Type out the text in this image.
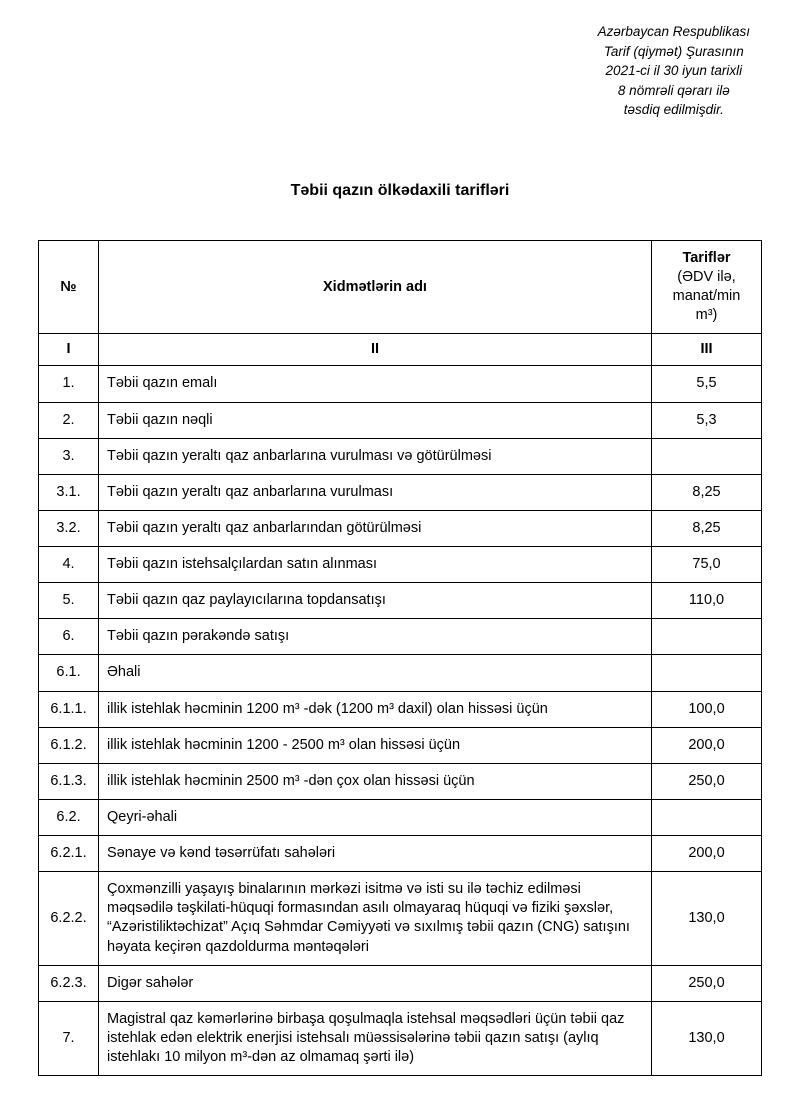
Azərbaycan Respublikası
Tarif (qiymət) Şurasının
2021-ci il 30 iyun tarixli
8 nömrəli qərarı ilə
təsdiq edilmişdir.
Təbii qazın ölkədaxili tarifləri
№	Xidmətlərin adı	Tariflər
(ƏDV ilə,
manat/min m³)

I	II	III
1.	Təbii qazın emalı	5,5
2.	Təbii qazın nəqli	5,3
3.	Təbii qazın yeraltı qaz anbarlarına vurulması və götürülməsi	
3.1.	Təbii qazın yeraltı qaz anbarlarına vurulması	8,25
3.2.	Təbii qazın yeraltı qaz anbarlarından götürülməsi	8,25
4.	Təbii qazın istehsalçılardan satın alınması	75,0
5.	Təbii qazın qaz paylayıcılarına topdansatışı	110,0
6.	Təbii qazın pərakəndə satışı	
6.1.	Əhali	
6.1.1.	illik istehlak həcminin 1200 m³ -dək (1200 m³ daxil) olan hissəsi üçün	100,0
6.1.2.	illik istehlak həcminin 1200 - 2500 m³ olan hissəsi üçün	200,0
6.1.3.	illik istehlak həcminin 2500 m³ -dən çox olan hissəsi üçün	250,0
6.2.	Qeyri-əhali	
6.2.1.	Sənaye və kənd təsərrüfatı sahələri	200,0
6.2.2.	Çoxmənzilli yaşayış binalarının mərkəzi isitmə və isti su ilə təchiz edilməsi məqsədilə təşkilati-hüquqi formasından asılı olmayaraq hüquqi və fiziki şəxslər, “Azəristiliktəchizat” Açıq Səhmdar Cəmiyyəti və sıxılmış təbii qazın (CNG) satışını həyata keçirən qazdoldurma məntəqələri	130,0
6.2.3.	Digər sahələr	250,0
7.	Magistral qaz kəmərlərinə birbaşa qoşulmaqla istehsal məqsədləri üçün təbii qaz istehlak edən elektrik enerjisi istehsalı müəssisələrinə təbii qazın satışı (aylıq istehlakı 10 milyon m³-dən az olmamaq şərti ilə)	130,0
